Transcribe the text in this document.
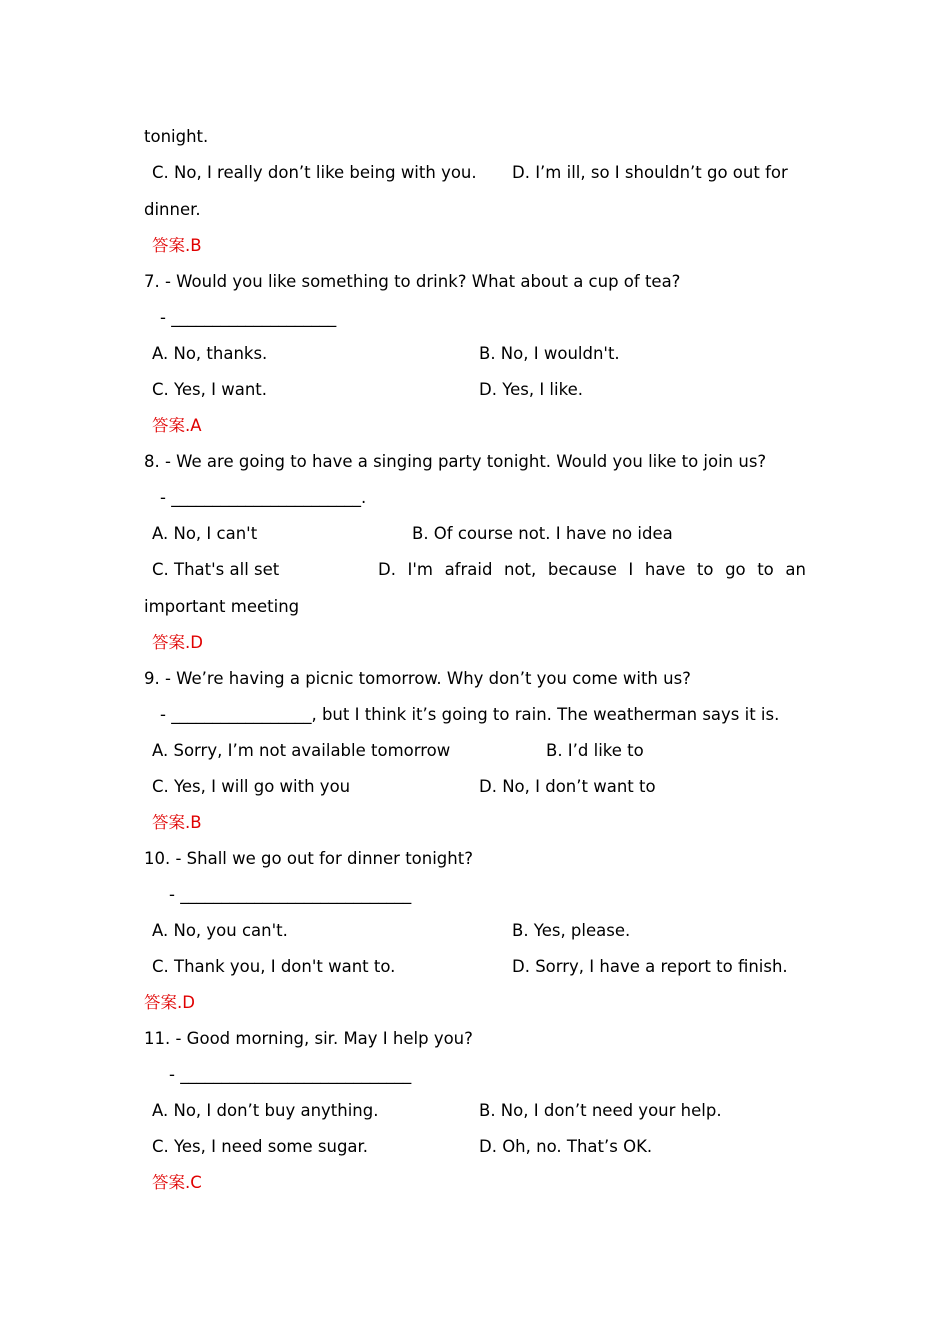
tonight.
C. No, I really don’t like being with you. D. I’m ill, so I shouldn’t go out for
dinner.
答案.B
7. - Would you like something to drink? What about a cup of tea?
- ____________________
A. No, thanks.	B. No, I wouldn't.
C. Yes, I want.	D. Yes, I like.
答案.A
8. - We are going to have a singing party tonight. Would you like to join us?
- _______________________.
A. No, I can't	B. Of course not. I have no idea
C. That's all set	D. I'm afraid not, because I have to go to an
important meeting
答案.D
9. - We’re having a picnic tomorrow. Why don’t you come with us?
- _________________, but I think it’s going to rain. The weatherman says it is.
A. Sorry, I’m not available tomorrow	B. I’d like to
C. Yes, I will go with you	D. No, I don’t want to
答案.B
10. - Shall we go out for dinner tonight?
- ____________________________
A. No, you can't.	B. Yes, please.
C. Thank you, I don't want to.	D. Sorry, I have a report to finish.
答案.D
11. - Good morning, sir. May I help you?
- ____________________________
A. No, I don’t buy anything.	B. No, I don’t need your help.
C. Yes, I need some sugar.	D. Oh, no. That’s OK.
答案.C
